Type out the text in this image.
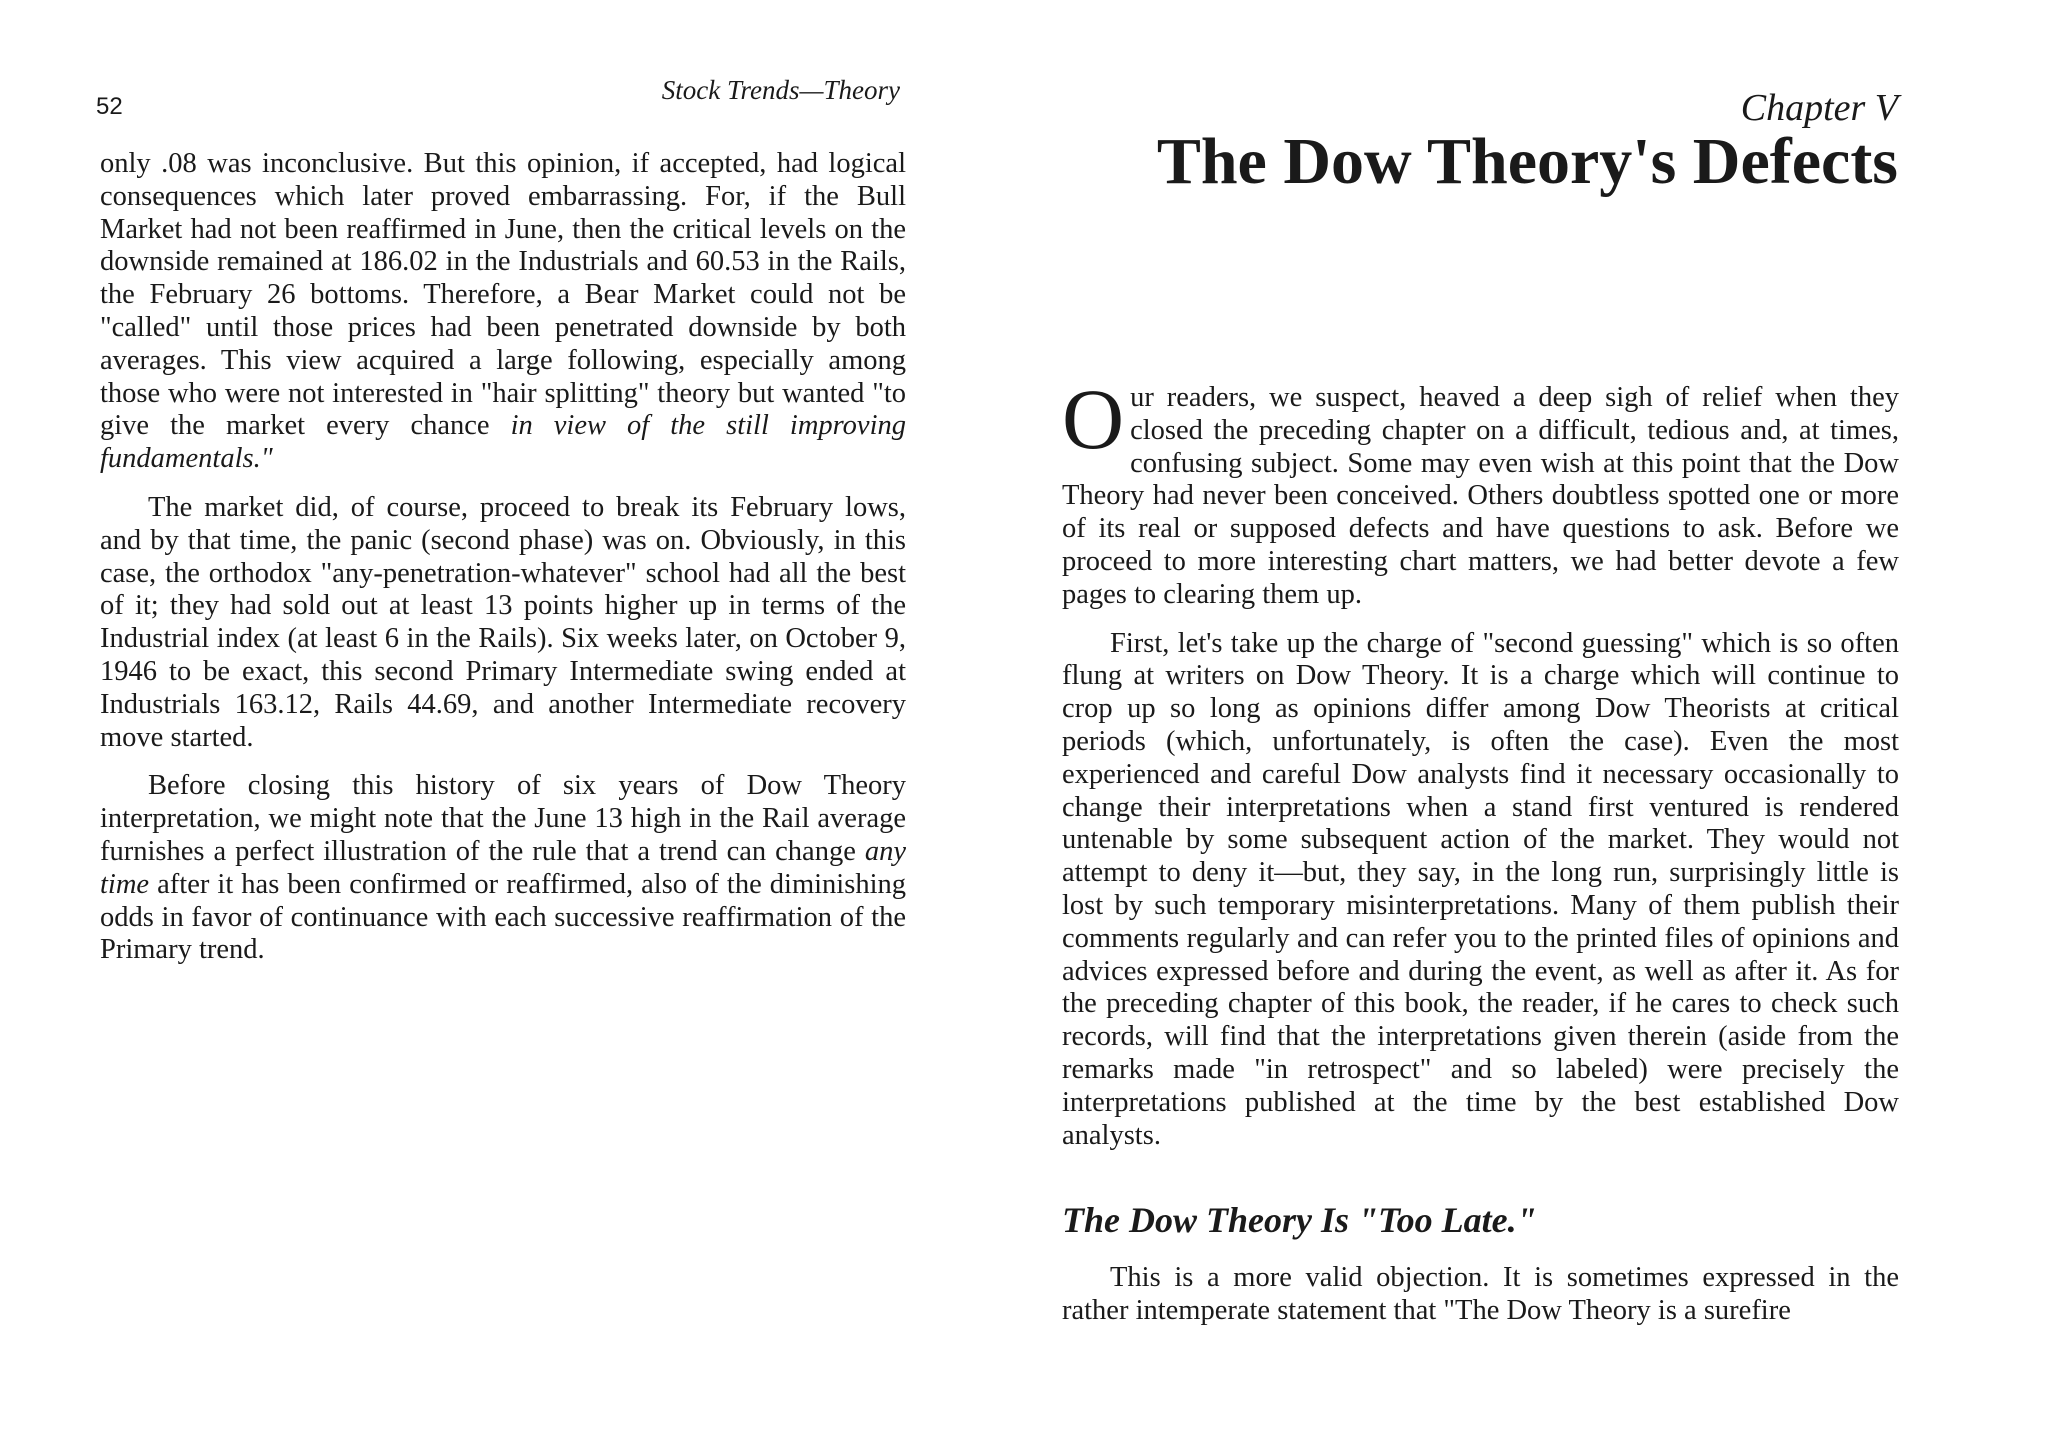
52
Stock Trends—Theory

only .08 was inconclusive. But this opinion, if accepted, had logical consequences which later proved embarrassing. For, if the Bull Market had not been reaffirmed in June, then the critical levels on the downside remained at 186.02 in the Industrials and 60.53 in the Rails, the February 26 bottoms. Therefore, a Bear Market could not be "called" until those prices had been penetrated downside by both averages. This view acquired a large following, especially among those who were not interested in "hair splitting" theory but wanted "to give the market every chance in view of the still improving fundamentals."

The market did, of course, proceed to break its February lows, and by that time, the panic (second phase) was on. Obviously, in this case, the orthodox "any-penetration-whatever" school had all the best of it; they had sold out at least 13 points higher up in terms of the Industrial index (at least 6 in the Rails). Six weeks later, on October 9, 1946 to be exact, this second Primary Intermediate swing ended at Industrials 163.12, Rails 44.69, and another Intermediate recovery move started.

Before closing this history of six years of Dow Theory interpretation, we might note that the June 13 high in the Rail average furnishes a perfect illustration of the rule that a trend can change any time after it has been confirmed or reaffirmed, also of the diminishing odds in favor of continuance with each successive reaffirmation of the Primary trend.

Chapter V
The Dow Theory's Defects

Our readers, we suspect, heaved a deep sigh of relief when they closed the preceding chapter on a difficult, tedious and, at times, confusing subject. Some may even wish at this point that the Dow Theory had never been conceived. Others doubtless spotted one or more of its real or supposed defects and have questions to ask. Before we proceed to more interesting chart matters, we had better devote a few pages to clearing them up.

First, let's take up the charge of "second guessing" which is so often flung at writers on Dow Theory. It is a charge which will continue to crop up so long as opinions differ among Dow Theorists at critical periods (which, unfortunately, is often the case). Even the most experienced and careful Dow analysts find it necessary occasionally to change their interpretations when a stand first ventured is rendered untenable by some subsequent action of the market. They would not attempt to deny it—but, they say, in the long run, surprisingly little is lost by such temporary misinterpretations. Many of them publish their comments regularly and can refer you to the printed files of opinions and advices expressed before and during the event, as well as after it. As for the preceding chapter of this book, the reader, if he cares to check such records, will find that the interpretations given therein (aside from the remarks made "in retrospect" and so labeled) were precisely the interpretations published at the time by the best established Dow analysts.

The Dow Theory Is "Too Late."

This is a more valid objection. It is sometimes expressed in the rather intemperate statement that "The Dow Theory is a surefire
